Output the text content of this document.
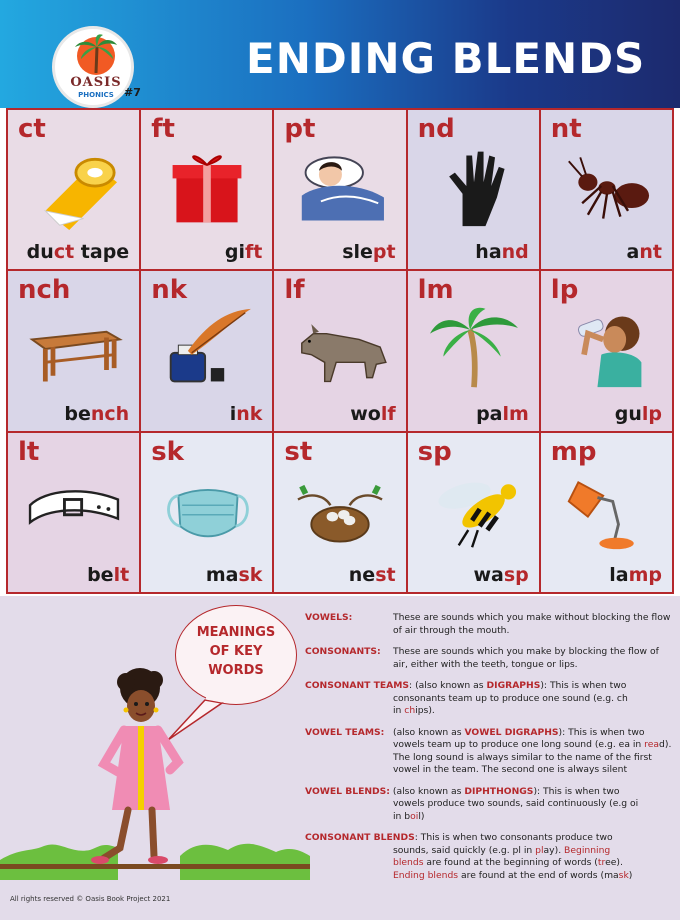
OASIS
PHONICS #7
ENDING BLENDS
ct
duct tape
ft
gift
pt
slept
nd
hand
nt
ant
nch
bench
nk
ink
lf
wolf
lm
palm
lp
gulp
lt
belt
sk
mask
st
nest
sp
wasp
mp
lamp
MEANINGS
OF KEY
WORDS
All rights reserved © Oasis Book Project 2021
VOWELS:	These are sounds which you make without blocking the flow of air through the mouth.
CONSONANTS:	These are sounds which you make by blocking the flow of air, either with the teeth, tongue or lips.
CONSONANT TEAMS: (also known as DIGRAPHS): This is when two
consonants team up to produce one sound (e.g. ch
in chips).
VOWEL TEAMS: (also known as VOWEL DIGRAPHS): This is when two vowels team up to produce one long sound (e.g. ea in read). The long sound is always similar to the name of the first vowel in the team. The second one is always silent
VOWEL BLENDS: (also known as DIPHTHONGS): This is when two
vowels produce two sounds, said continuously (e.g oi
in boil)
CONSONANT BLENDS: This is when two consonants produce two
sounds, said quickly (e.g. pl in play). Beginning
blends are found at the beginning of words (tree).
Ending blends are found at the end of words (mask)
